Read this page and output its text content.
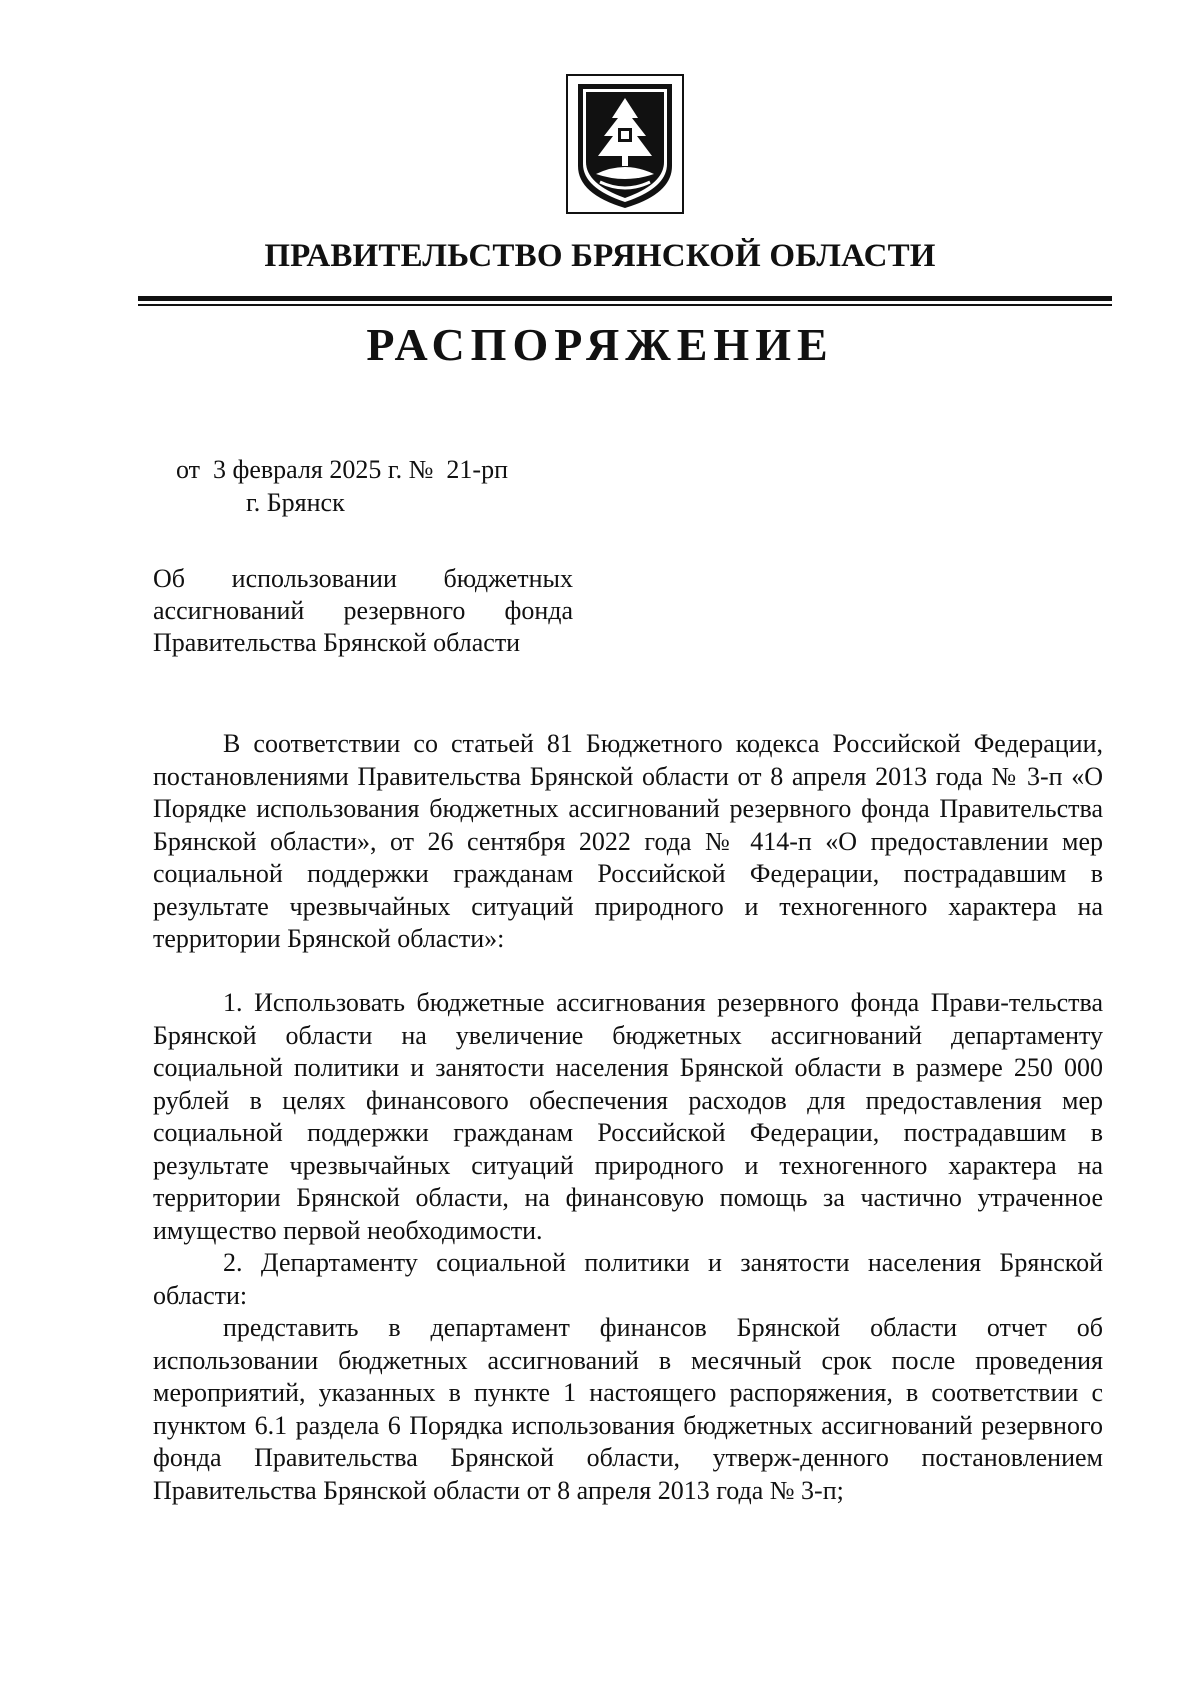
ПРАВИТЕЛЬСТВО БРЯНСКОЙ ОБЛАСТИ
РАСПОРЯЖЕНИЕ
от  3 февраля 2025 г. №  21-рп
г. Брянск
Об использовании бюджетных
ассигнований резервного фонда
Правительства Брянской области
В соответствии со статьей 81 Бюджетного кодекса Российской Федерации, постановлениями Правительства Брянской области от 8 апреля 2013 года № 3-п «О Порядке использования бюджетных ассигнований резервного фонда Правительства Брянской области», от 26 сентября 2022 года № 414-п «О предоставлении мер социальной поддержки гражданам Российской Федерации, пострадавшим в результате чрезвычайных ситуаций природного и техногенного характера на территории Брянской области»:
1. Использовать бюджетные ассигнования резервного фонда Прави-тельства Брянской области на увеличение бюджетных ассигнований департаменту социальной политики и занятости населения Брянской области в размере 250 000 рублей в целях финансового обеспечения расходов для предоставления мер социальной поддержки гражданам Российской Федерации, пострадавшим в результате чрезвычайных ситуаций природного и техногенного характера на территории Брянской области, на финансовую помощь за частично утраченное имущество первой необходимости.
2. Департаменту социальной политики и занятости населения Брянской области:
представить в департамент финансов Брянской области отчет об использовании бюджетных ассигнований в месячный срок после проведения мероприятий, указанных в пункте 1 настоящего распоряжения, в соответствии с пунктом 6.1 раздела 6 Порядка использования бюджетных ассигнований резервного фонда Правительства Брянской области, утверж-денного постановлением Правительства Брянской области от 8 апреля 2013 года № 3-п;
